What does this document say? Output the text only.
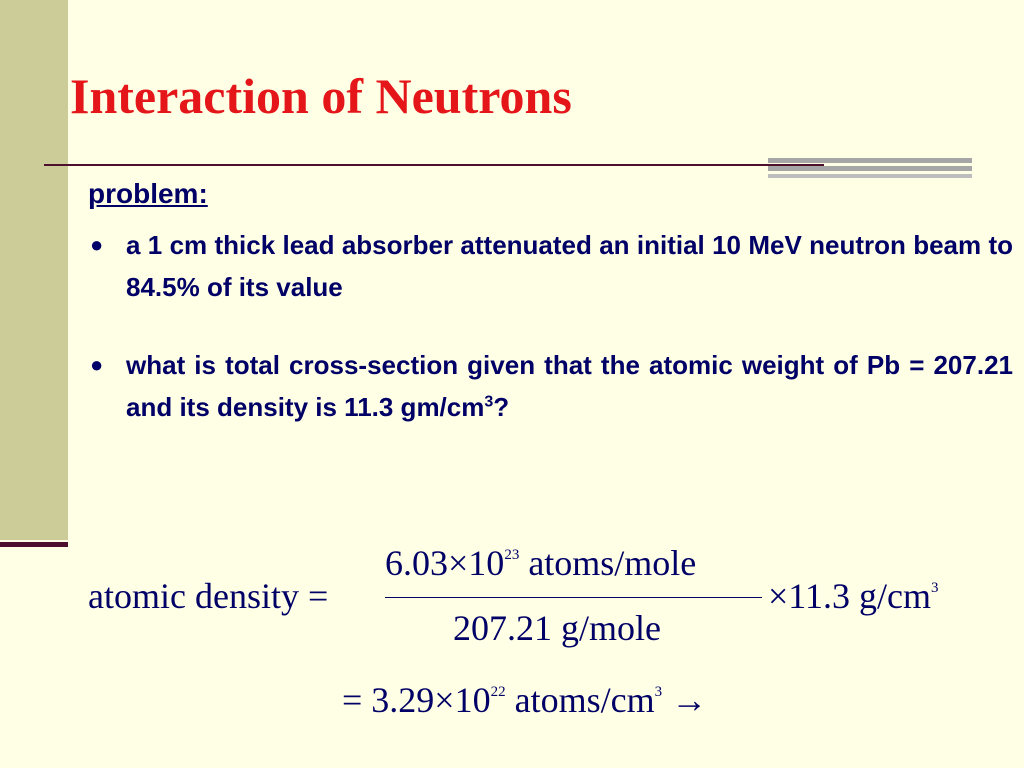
Interaction of Neutrons
problem:
● a 1 cm thick lead absorber attenuated an initial 10 MeV neutron beam to 84.5% of its value
● what is total cross-section given that the atomic weight of Pb = 207.21 and its density is 11.3 $gm/cm^3$?
atomic density =
$6.03\times 10^{23}$ atoms/mole
207.21 g/mole
×11.3 $g/cm^3$
= $3.29\times 10^{22}$ atoms/$cm^3$ →
